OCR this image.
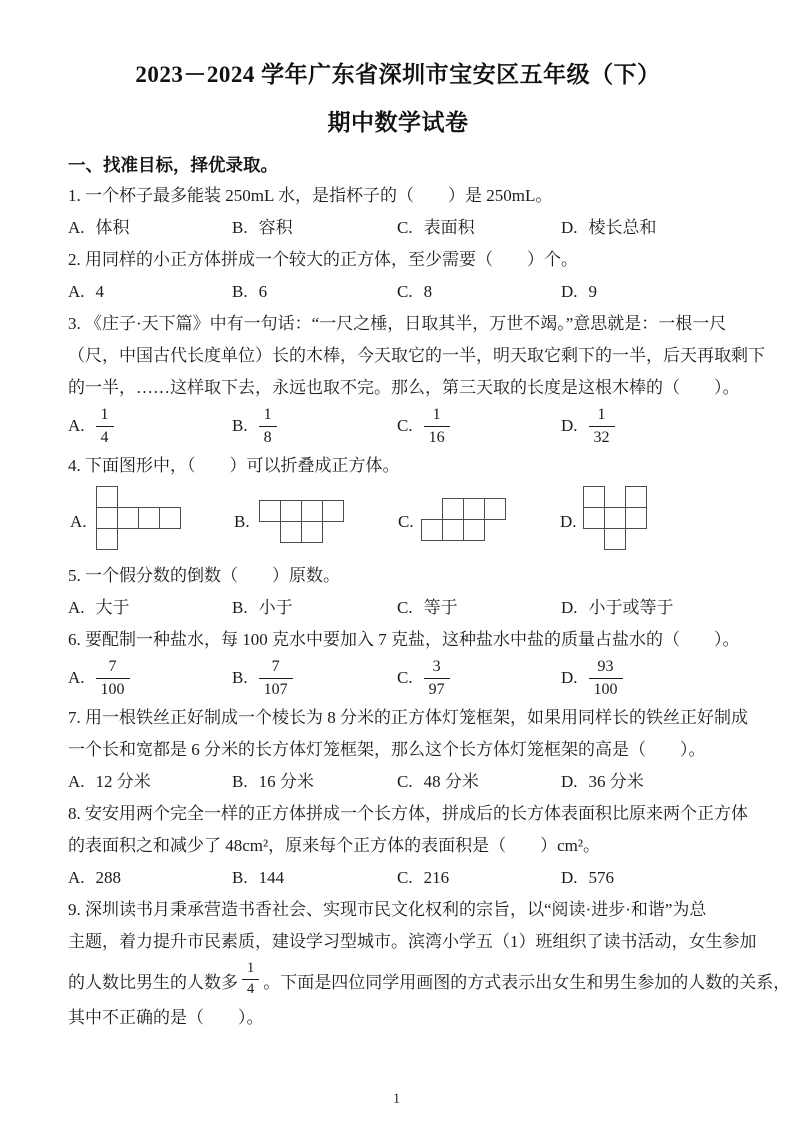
2023－2024 学年广东省深圳市宝安区五年级（下）
期中数学试卷
一、找准目标，择优录取。
1. 一个杯子最多能装 250mL 水，是指杯子的（　　）是 250mL。
A. 体积	B. 容积	C. 表面积	D. 棱长总和
2. 用同样的小正方体拼成一个较大的正方体，至少需要（　　）个。
A. 4	B. 6	C. 8	D. 9
3. 《庄子·天下篇》中有一句话：“一尺之棰，日取其半，万世不竭。”意思就是：一根一尺
（尺，中国古代长度单位）长的木棒，今天取它的一半，明天取它剩下的一半，后天再取剩下
的一半，……这样取下去，永远也取不完。那么，第三天取的长度是这根木棒的（　　）。
A. $\frac{1}{4}$	B. $\frac{1}{8}$	C. $\frac{1}{16}$	D. $\frac{1}{32}$
4. 下面图形中，（　　）可以折叠成正方体。
A.	B.	C.	D.
5. 一个假分数的倒数（　　）原数。
A. 大于	B. 小于	C. 等于	D. 小于或等于
6. 要配制一种盐水，每 100 克水中要加入 7 克盐，这种盐水中盐的质量占盐水的（　　）。
A. $\frac{7}{100}$	B. $\frac{7}{107}$	C. $\frac{3}{97}$	D. $\frac{93}{100}$
7. 用一根铁丝正好制成一个棱长为 8 分米的正方体灯笼框架，如果用同样长的铁丝正好制成
一个长和宽都是 6 分米的长方体灯笼框架，那么这个长方体灯笼框架的高是（　　）。
A. 12 分米	B. 16 分米	C. 48 分米	D. 36 分米
8. 安安用两个完全一样的正方体拼成一个长方体，拼成后的长方体表面积比原来两个正方体
的表面积之和减少了 48cm²，原来每个正方体的表面积是（　　）cm²。
A. 288	B. 144	C. 216	D. 576
9. 深圳读书月秉承营造书香社会、实现市民文化权利的宗旨，以“阅读·进步·和谐”为总
主题，着力提升市民素质，建设学习型城市。滨湾小学五（1）班组织了读书活动，女生参加
的人数比男生的人数多 $\frac{1}{4}$ 。下面是四位同学用画图的方式表示出女生和男生参加的人数的关系，
其中不正确的是（　　）。
1
